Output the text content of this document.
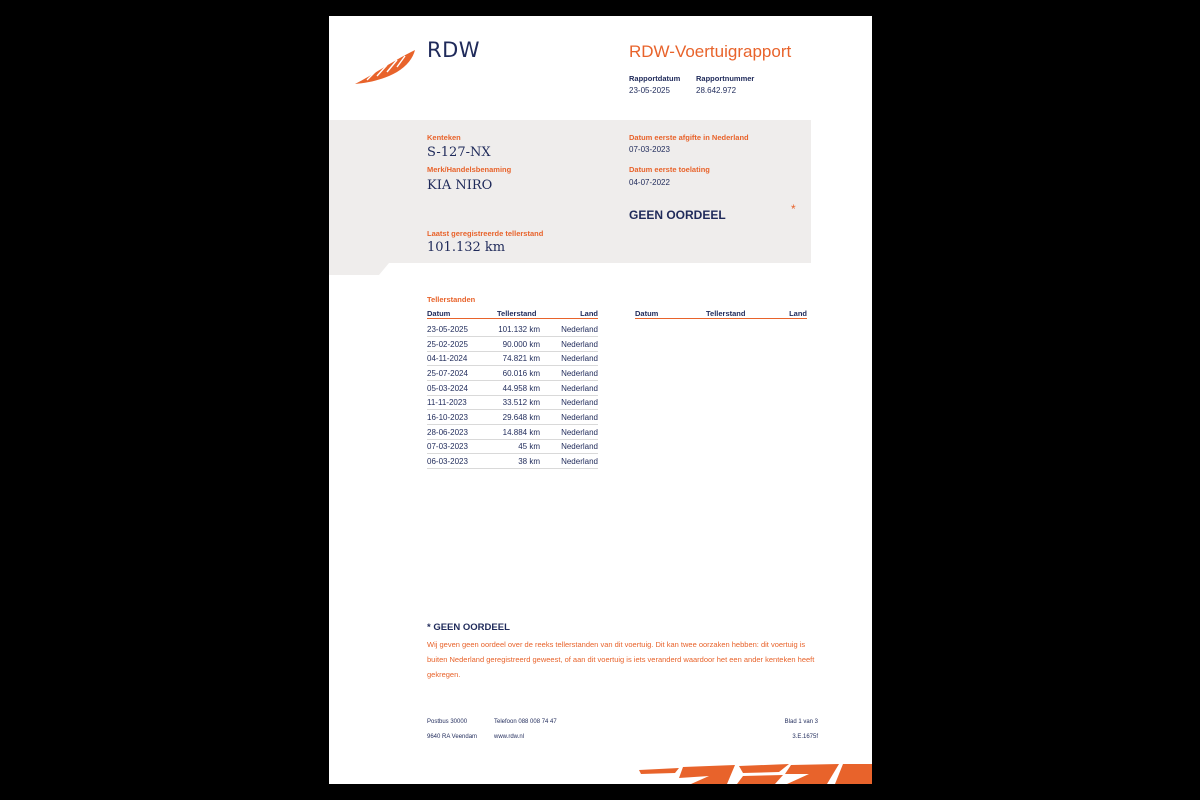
RDW	RDW-Voertuigrapport
Rapportdatum
23-05-2025
Rapportnummer
28.642.972
Kenteken
S-127-NX
Merk/Handelsbenaming
KIA NIRO
Laatst geregistreerde tellerstand
101.132 km
Datum eerste afgifte in Nederland
07-03-2023
Datum eerste toelating
04-07-2022
GEEN OORDEEL	*
Tellerstanden
Datum	Tellerstand	Land	Datum	Tellerstand	Land
23-05-2025	101.132 km	Nederland
25-02-2025	90.000 km	Nederland
04-11-2024	74.821 km	Nederland
25-07-2024	60.016 km	Nederland
05-03-2024	44.958 km	Nederland
11-11-2023	33.512 km	Nederland
16-10-2023	29.648 km	Nederland
28-06-2023	14.884 km	Nederland
07-03-2023	45 km	Nederland
06-03-2023	38 km	Nederland
* GEEN OORDEEL
Wij geven geen oordeel over de reeks tellerstanden van dit voertuig. Dit kan twee oorzaken hebben: dit voertuig is buiten Nederland geregistreerd geweest, of aan dit voertuig is iets veranderd waardoor het een ander kenteken heeft gekregen.
Postbus 30000
9640 RA Veendam
Telefoon 088 008 74 47
www.rdw.nl
Blad 1 van 3
3.E.1675f
